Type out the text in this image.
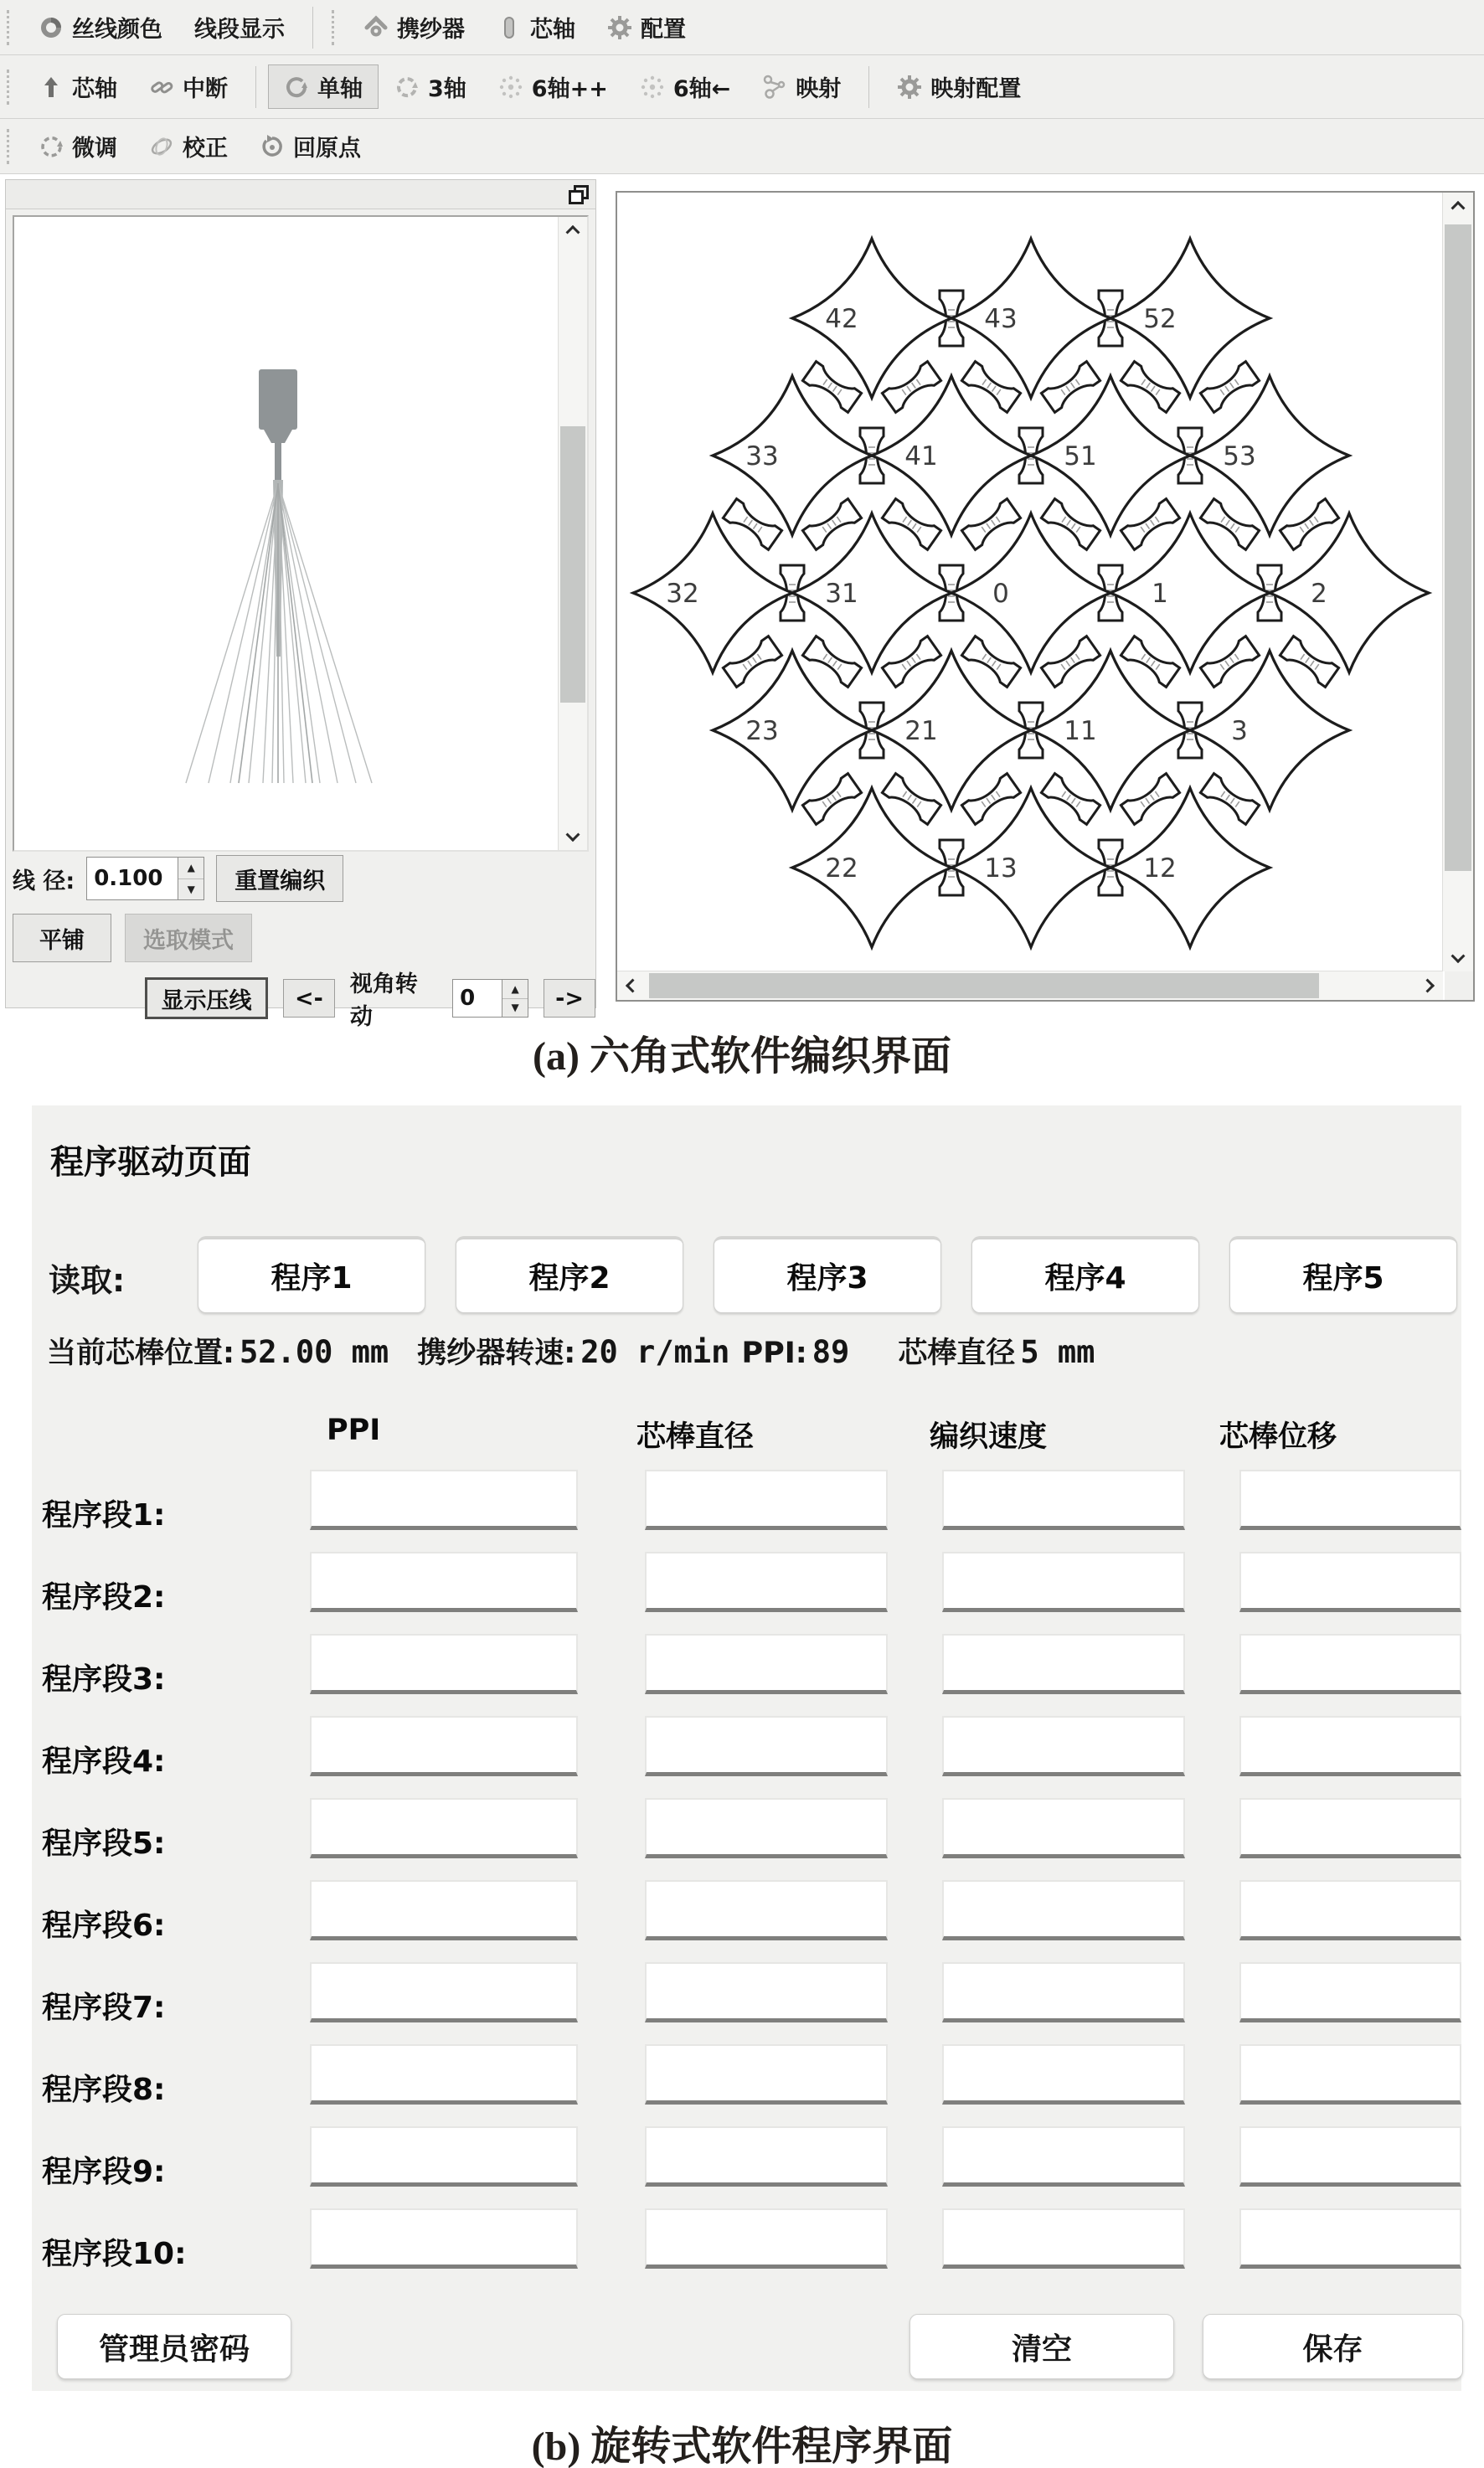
丝线颜色 线段显示	携纱器	芯轴	配置
芯轴	中断	单轴	3轴	6轴++	6轴←	映射	映射配置
微调	校正	回原点
线 径: 0.100	▲
▼	重置编织
平铺	选取模式
显示压线	<-
视角转动
0	▲
▼	->
42	43	52
33	41	51	53
32	31	0	1	2
23	21	11	3
22	13	12
(a) 六角式软件编织界面
程序驱动页面
读取:	程序1	程序2	程序3	程序4	程序5
当前芯棒位置: 52.00 mm 携纱器转速: 20 r/min PPI: 89 芯棒直径 5 mm
PPI	芯棒直径	编织速度	芯棒位移
程序段1:
程序段2:
程序段3:
程序段4:
程序段5:
程序段6:
程序段7:
程序段8:
程序段9:
程序段10:
管理员密码	清空	保存
(b) 旋转式软件程序界面
